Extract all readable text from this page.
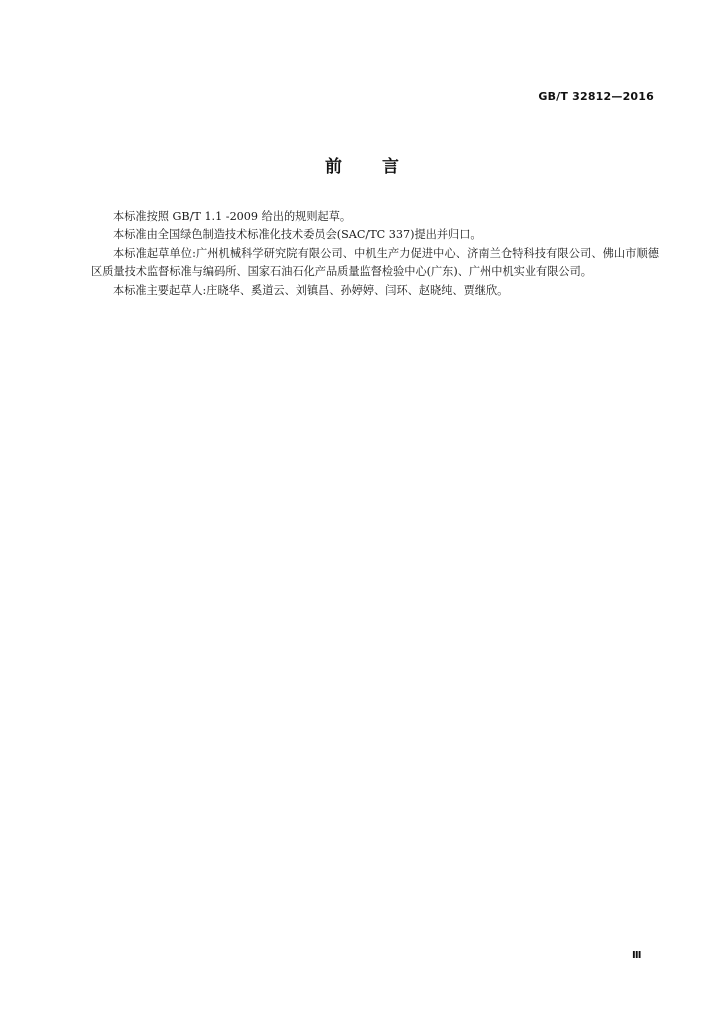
GB/T 32812—2016
前言

本标准按照 GB/T 1.1 -2009 给出的规则起草。

本标准由全国绿色制造技术标准化技术委员会(SAC/TC 337)提出并归口。

本标准起草单位:广州机械科学研究院有限公司、中机生产力促进中心、济南兰仓特科技有限公司、佛山市顺德区质量技术监督标准与编码所、国家石油石化产品质量监督检验中心(广东)、广州中机实业有限公司。

本标准主要起草人:庄晓华、奚道云、刘镇昌、孙婷婷、闫环、赵晓纯、贾继欣。

Ⅲ
